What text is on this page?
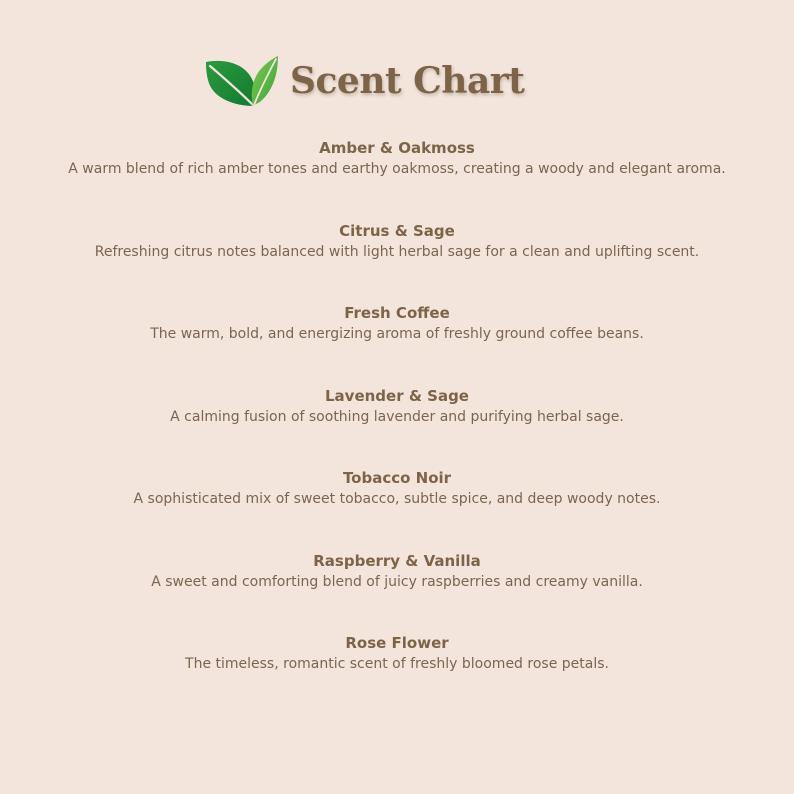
Scent Chart

Amber & Oakmoss

A warm blend of rich amber tones and earthy oakmoss, creating a woody and elegant aroma.

Citrus & Sage

Refreshing citrus notes balanced with light herbal sage for a clean and uplifting scent.

Fresh Coffee

The warm, bold, and energizing aroma of freshly ground coffee beans.

Lavender & Sage

A calming fusion of soothing lavender and purifying herbal sage.

Tobacco Noir

A sophisticated mix of sweet tobacco, subtle spice, and deep woody notes.

Raspberry & Vanilla

A sweet and comforting blend of juicy raspberries and creamy vanilla.

Rose Flower

The timeless, romantic scent of freshly bloomed rose petals.
